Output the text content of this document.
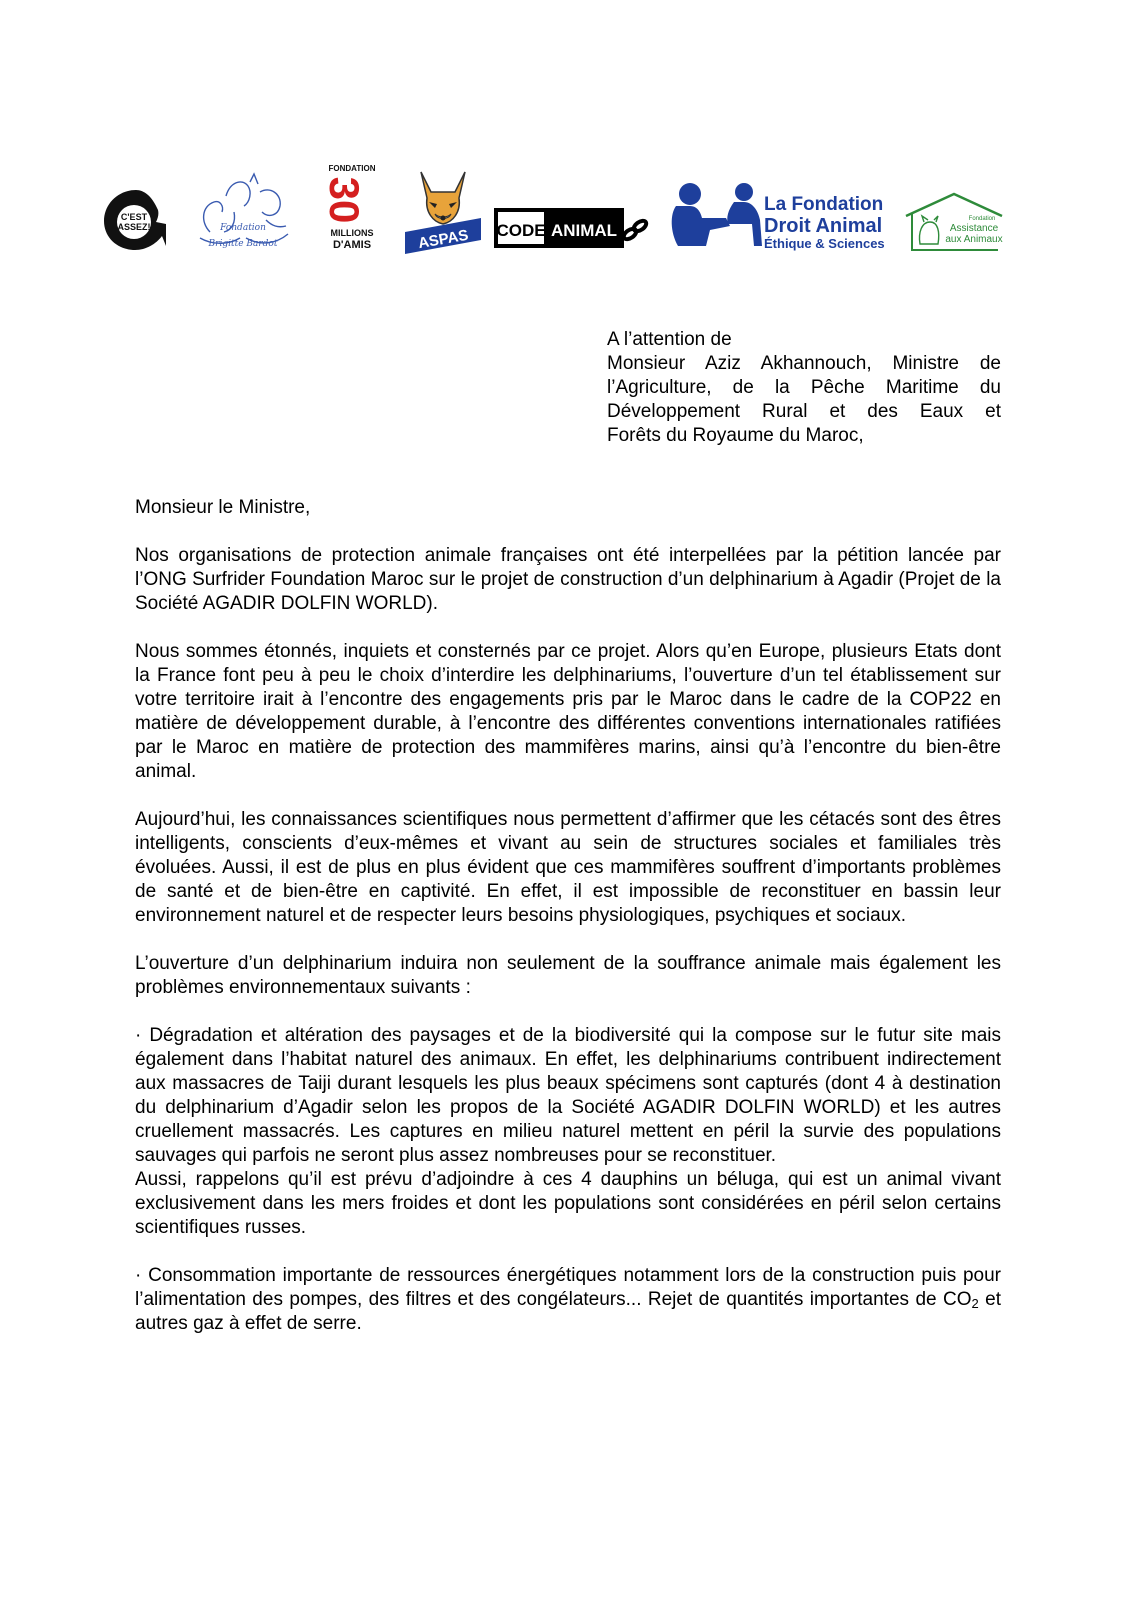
C'EST
ASSEZ!	Fondation
Brigitte Bardot
FONDATION
30
MILLIONS
D'AMIS	ASPAS CODE ANIMAL
La Fondation
Droit Animal
Éthique & Sciences
Fondation
Assistance
aux Animaux

A l’attention de

Monsieur Aziz Akhannouch, Ministre de

l’Agriculture, de la Pêche Maritime du

Développement Rural et des Eaux et

Forêts du Royaume du Maroc,

Monsieur le Ministre,

Nos organisations de protection animale françaises ont été interpellées par la pétition lancée par l’ONG Surfrider Foundation Maroc sur le projet de construction d’un delphinarium à Agadir (Projet de la Société AGADIR DOLFIN WORLD).

Nous sommes étonnés, inquiets et consternés par ce projet. Alors qu’en Europe, plusieurs Etats dont la France font peu à peu le choix d’interdire les delphinariums, l’ouverture d’un tel établissement sur votre territoire irait à l’encontre des engagements pris par le Maroc dans le cadre de la COP22 en matière de développement durable, à l’encontre des différentes conventions internationales ratifiées par le Maroc en matière de protection des mammifères marins, ainsi qu’à l’encontre du bien-être animal.

Aujourd’hui, les connaissances scientifiques nous permettent d’affirmer que les cétacés sont des êtres intelligents, conscients d’eux-mêmes et vivant au sein de structures sociales et familiales très évoluées. Aussi, il est de plus en plus évident que ces mammifères souffrent d’importants problèmes de santé et de bien-être en captivité. En effet, il est impossible de reconstituer en bassin leur environnement naturel et de respecter leurs besoins physiologiques, psychiques et sociaux.

L’ouverture d’un delphinarium induira non seulement de la souffrance animale mais également les problèmes environnementaux suivants :

· Dégradation et altération des paysages et de la biodiversité qui la compose sur le futur site mais également dans l’habitat naturel des animaux. En effet, les delphinariums contribuent indirectement aux massacres de Taiji durant lesquels les plus beaux spécimens sont capturés (dont 4 à destination du delphinarium d’Agadir selon les propos de la Société AGADIR DOLFIN WORLD) et les autres cruellement massacrés. Les captures en milieu naturel mettent en péril la survie des populations sauvages qui parfois ne seront plus assez nombreuses pour se reconstituer.

Aussi, rappelons qu’il est prévu d’adjoindre à ces 4 dauphins un béluga, qui est un animal vivant exclusivement dans les mers froides et dont les populations sont considérées en péril selon certains scientifiques russes.

· Consommation importante de ressources énergétiques notamment lors de la construction puis pour l’alimentation des pompes, des filtres et des congélateurs... Rejet de quantités importantes de $CO_2$ et autres gaz à effet de serre.
